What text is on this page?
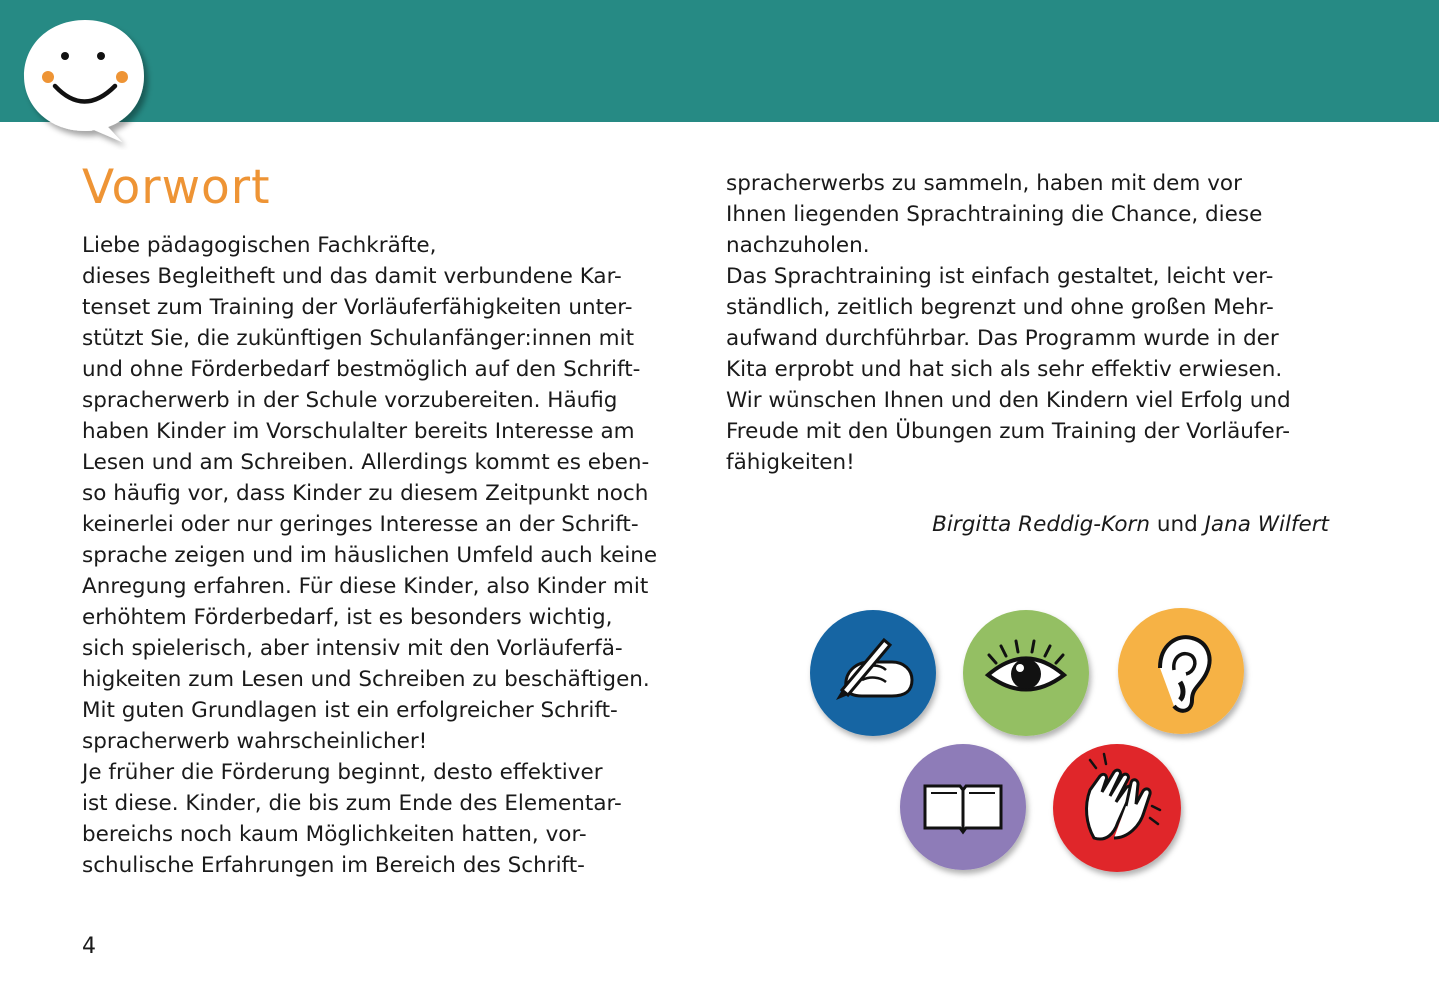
Vorwort

Liebe pädagogischen Fachkräfte,

dieses Begleitheft und das damit verbundene Kar-

tenset zum Training der Vorläuferfähigkeiten unter-

stützt Sie, die zukünftigen Schulanfänger:innen mit

und ohne Förderbedarf bestmöglich auf den Schrift-

spracherwerb in der Schule vorzubereiten. Häufig

haben Kinder im Vorschulalter bereits Interesse am

Lesen und am Schreiben. Allerdings kommt es eben-

so häufig vor, dass Kinder zu diesem Zeitpunkt noch

keinerlei oder nur geringes Interesse an der Schrift-

sprache zeigen und im häuslichen Umfeld auch keine

Anregung erfahren. Für diese Kinder, also Kinder mit

erhöhtem Förderbedarf, ist es besonders wichtig,

sich spielerisch, aber intensiv mit den Vorläuferfä-

higkeiten zum Lesen und Schreiben zu beschäftigen.

Mit guten Grundlagen ist ein erfolgreicher Schrift-

spracherwerb wahrscheinlicher!

Je früher die Förderung beginnt, desto effektiver

ist diese. Kinder, die bis zum Ende des Elementar-

bereichs noch kaum Möglichkeiten hatten, vor-

schulische Erfahrungen im Bereich des Schrift-

spracherwerbs zu sammeln, haben mit dem vor

Ihnen liegenden Sprachtraining die Chance, diese

nachzuholen.

Das Sprachtraining ist einfach gestaltet, leicht ver-

ständlich, zeitlich begrenzt und ohne großen Mehr-

aufwand durchführbar. Das Programm wurde in der

Kita erprobt und hat sich als sehr effektiv erwiesen.

Wir wünschen Ihnen und den Kindern viel Erfolg und

Freude mit den Übungen zum Training der Vorläufer-

fähigkeiten!

Birgitta Reddig-Korn und Jana Wilfert
4
